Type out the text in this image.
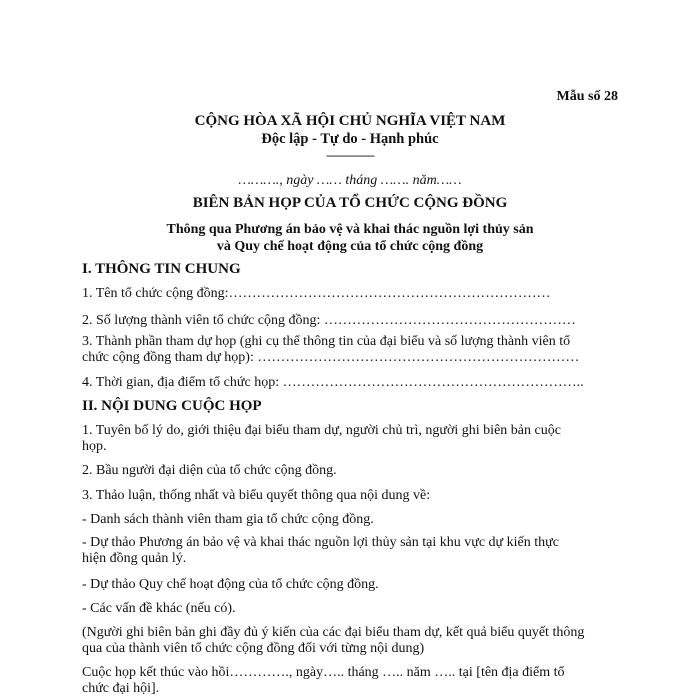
Mẫu số 28
CỘNG HÒA XÃ HỘI CHỦ NGHĨA VIỆT NAM
Độc lập - Tự do - Hạnh phúc
----------------
………., ngày …… tháng ……. năm……
BIÊN BẢN HỌP CỦA TỔ CHỨC CỘNG ĐỒNG
Thông qua Phương án bảo vệ và khai thác nguồn lợi thủy sản
và Quy chế hoạt động của tổ chức cộng đồng
I. THÔNG TIN CHUNG
1. Tên tổ chức cộng đồng:……………………………………………………………
2. Số lượng thành viên tổ chức cộng đồng: ………………………………………………
3. Thành phần tham dự họp (ghi cụ thể thông tin của đại biểu và số lượng thành viên tổ
chức cộng đồng tham dự họp): ……………………………………………………………
4. Thời gian, địa điểm tổ chức họp: ………………………………………………………..
II. NỘI DUNG CUỘC HỌP
1. Tuyên bố lý do, giới thiệu đại biểu tham dự, người chủ trì, người ghi biên bản cuộc
họp.
2. Bầu người đại diện của tổ chức cộng đồng.
3. Thảo luận, thống nhất và biểu quyết thông qua nội dung về:
- Danh sách thành viên tham gia tổ chức cộng đồng.
- Dự thảo Phương án bảo vệ và khai thác nguồn lợi thủy sản tại khu vực dự kiến thực
hiện đồng quản lý.
- Dự thảo Quy chế hoạt động của tổ chức cộng đồng.
- Các vấn đề khác (nếu có).
(Người ghi biên bản ghi đầy đủ ý kiến của các đại biểu tham dự, kết quả biểu quyết thông
qua của thành viên tổ chức cộng đồng đối với từng nội dung)
Cuộc họp kết thúc vào hồi…………., ngày….. tháng ….. năm ….. tại [tên địa điểm tổ
chức đại hội].
